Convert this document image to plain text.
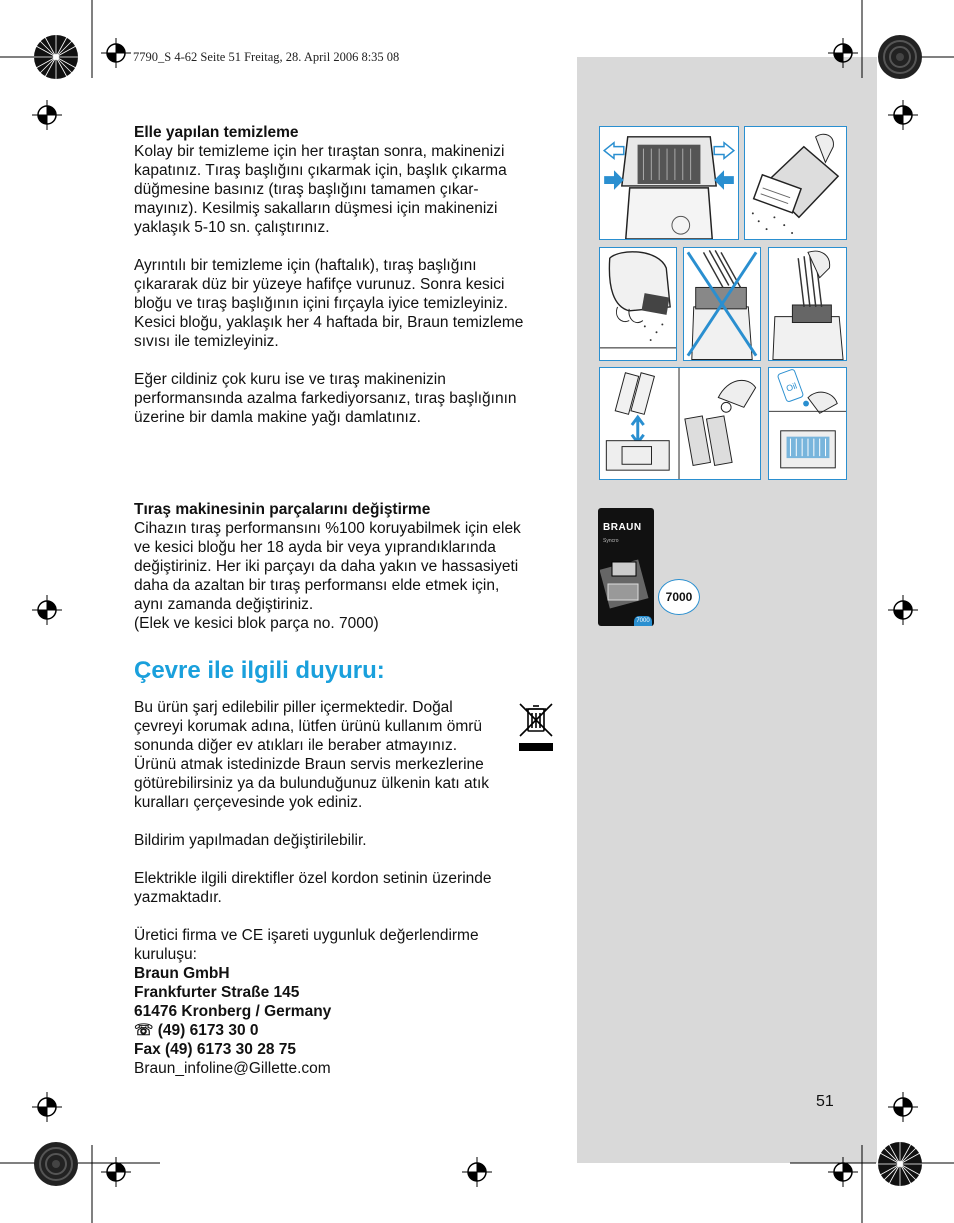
7790_S 4-62 Seite 51 Freitag, 28. April 2006 8:35 08

Elle yapılan temizleme

Kolay bir temizleme için her tıraştan sonra, makinenizi

kapatınız. Tıraş başlığını çıkarmak için, başlık çıkarma

düğmesine basınız (tıraş başlığını tamamen çıkar-

mayınız). Kesilmiş sakalların düşmesi için makinenizi

yaklaşık 5-10 sn. çalıştırınız.

Ayrıntılı bir temizleme için (haftalık), tıraş başlığını

çıkararak düz bir yüzeye hafifçe vurunuz. Sonra kesici

bloğu ve tıraş başlığının içini fırçayla iyice temizleyiniz.

Kesici bloğu, yaklaşık her 4 haftada bir, Braun temizleme

sıvısı ile temizleyiniz.

Eğer cildiniz çok kuru ise ve tıraş makinenizin

performansında azalma farkediyorsanız, tıraş başlığının

üzerine bir damla makine yağı damlatınız.

Tıraş makinesinin parçalarını değiştirme

Cihazın tıraş performansını %100 koruyabilmek için elek

ve kesici bloğu her 18 ayda bir veya yıprandıklarında

değiştiriniz. Her iki parçayı da daha yakın ve hassasiyeti

daha da azaltan bir tıraş performansı elde etmek için,

aynı zamanda değiştiriniz.

(Elek ve kesici blok parça no. 7000)

Çevre ile ilgili duyuru:

Bu ürün şarj edilebilir piller içermektedir. Doğal

çevreyi korumak adına, lütfen ürünü kullanım ömrü

sonunda diğer ev atıkları ile beraber atmayınız.

Ürünü atmak istedinizde Braun servis merkezlerine

götürebilirsiniz ya da bulunduğunuz ülkenin katı atık

kuralları çerçevesinde yok ediniz.

Bildirim yapılmadan değiştirilebilir.

Elektrikle ilgili direktifler özel kordon setinin üzerinde

yazmaktadır.

Üretici firma ve CE işareti uygunluk değerlendirme

kuruluşu:

Braun GmbH

Frankfurter Straße 145

61476 Kronberg / Germany

☏ (49) 6173 30 0

Fax (49) 6173 30 28 75

Braun_infoline@Gillette.com

Oil
BRAUN
Syncro
7000
7000
51
